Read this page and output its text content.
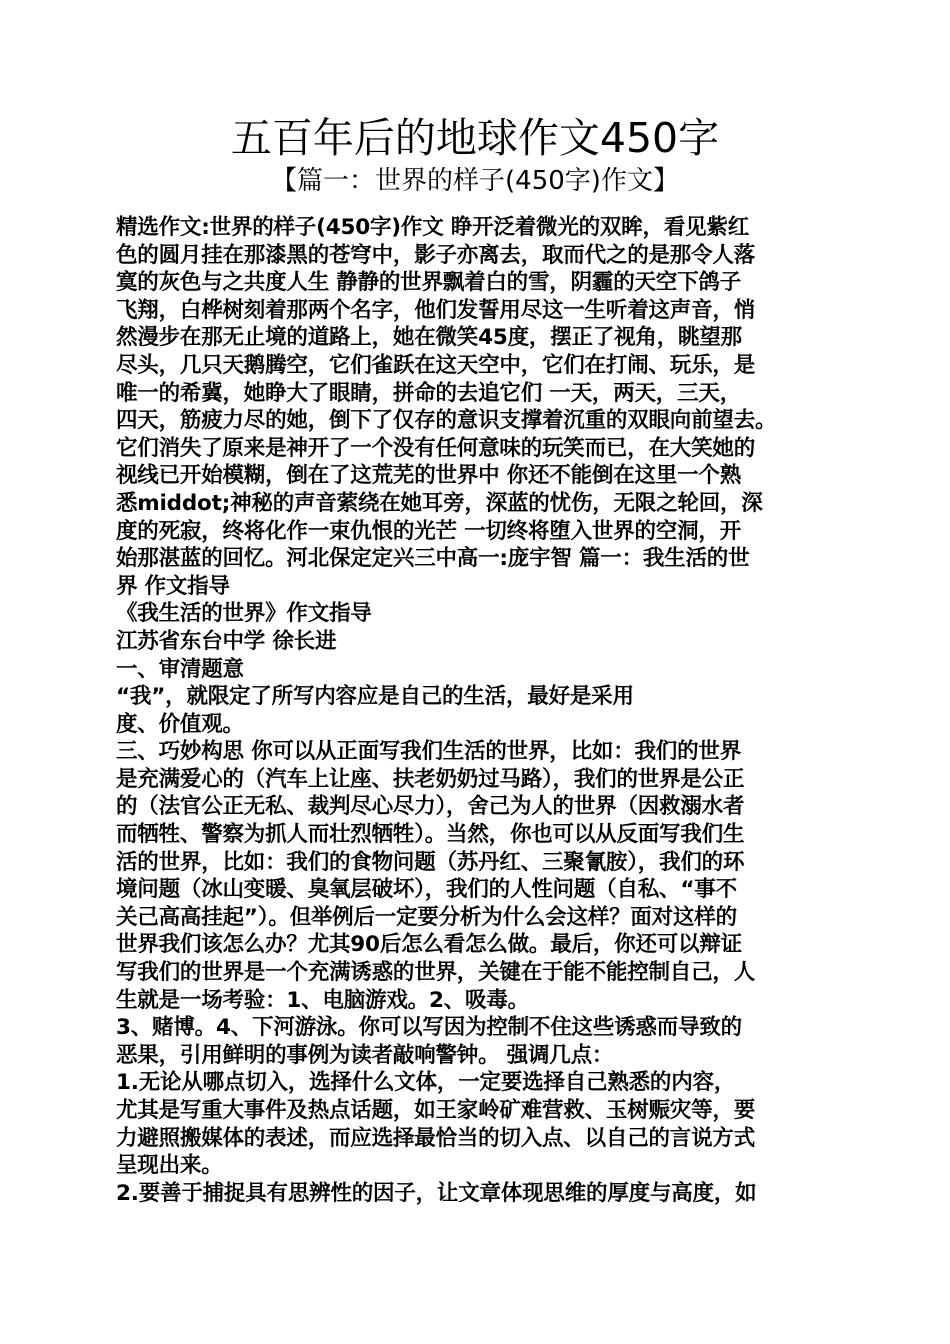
五百年后的地球作文450字
【篇一：世界的样子(450字)作文】
精选作文:世界的样子(450字)作文 睁开泛着微光的双眸，看见紫红
色的圆月挂在那漆黑的苍穹中，影子亦离去，取而代之的是那令人落
寞的灰色与之共度人生 静静的世界飘着白的雪，阴霾的天空下鸽子
飞翔，白桦树刻着那两个名字，他们发誓用尽这一生听着这声音，悄
然漫步在那无止境的道路上，她在微笑45度，摆正了视角，眺望那
尽头，几只天鹅腾空，它们雀跃在这天空中，它们在打闹、玩乐，是
唯一的希冀，她睁大了眼睛，拼命的去追它们 一天，两天，三天，
四天，筋疲力尽的她，倒下了仅存的意识支撑着沉重的双眼向前望去。
它们消失了原来是神开了一个没有任何意味的玩笑而已，在大笑她的
视线已开始模糊，倒在了这荒芜的世界中 你还不能倒在这里一个熟
悉middot;神秘的声音萦绕在她耳旁，深蓝的忧伤，无限之轮回，深
度的死寂，终将化作一束仇恨的光芒 一切终将堕入世界的空洞，开
始那湛蓝的回忆。河北保定定兴三中高一:庞宇智 篇一：我生活的世
界 作文指导
《我生活的世界》作文指导
江苏省东台中学 徐长进
一、审清题意
“我”，就限定了所写内容应是自己的生活，最好是采用
度、价值观。
三、巧妙构思 你可以从正面写我们生活的世界，比如：我们的世界
是充满爱心的（汽车上让座、扶老奶奶过马路），我们的世界是公正
的（法官公正无私、裁判尽心尽力），舍己为人的世界（因救溺水者
而牺牲、警察为抓人而壮烈牺牲）。当然，你也可以从反面写我们生
活的世界，比如：我们的食物问题（苏丹红、三聚氰胺），我们的环
境问题（冰山变暖、臭氧层破坏），我们的人性问题（自私、“事不
关己高高挂起”）。但举例后一定要分析为什么会这样？面对这样的
世界我们该怎么办？尤其90后怎么看怎么做。最后，你还可以辩证
写我们的世界是一个充满诱惑的世界，关键在于能不能控制自己，人
生就是一场考验：1、电脑游戏。2、吸毒。
3、赌博。4、下河游泳。你可以写因为控制不住这些诱惑而导致的
恶果，引用鲜明的事例为读者敲响警钟。 强调几点：
1.无论从哪点切入，选择什么文体，一定要选择自己熟悉的内容，
尤其是写重大事件及热点话题，如王家岭矿难营救、玉树赈灾等，要
力避照搬媒体的表述，而应选择最恰当的切入点、以自己的言说方式
呈现出来。
2.要善于捕捉具有思辨性的因子，让文章体现思维的厚度与高度，如
